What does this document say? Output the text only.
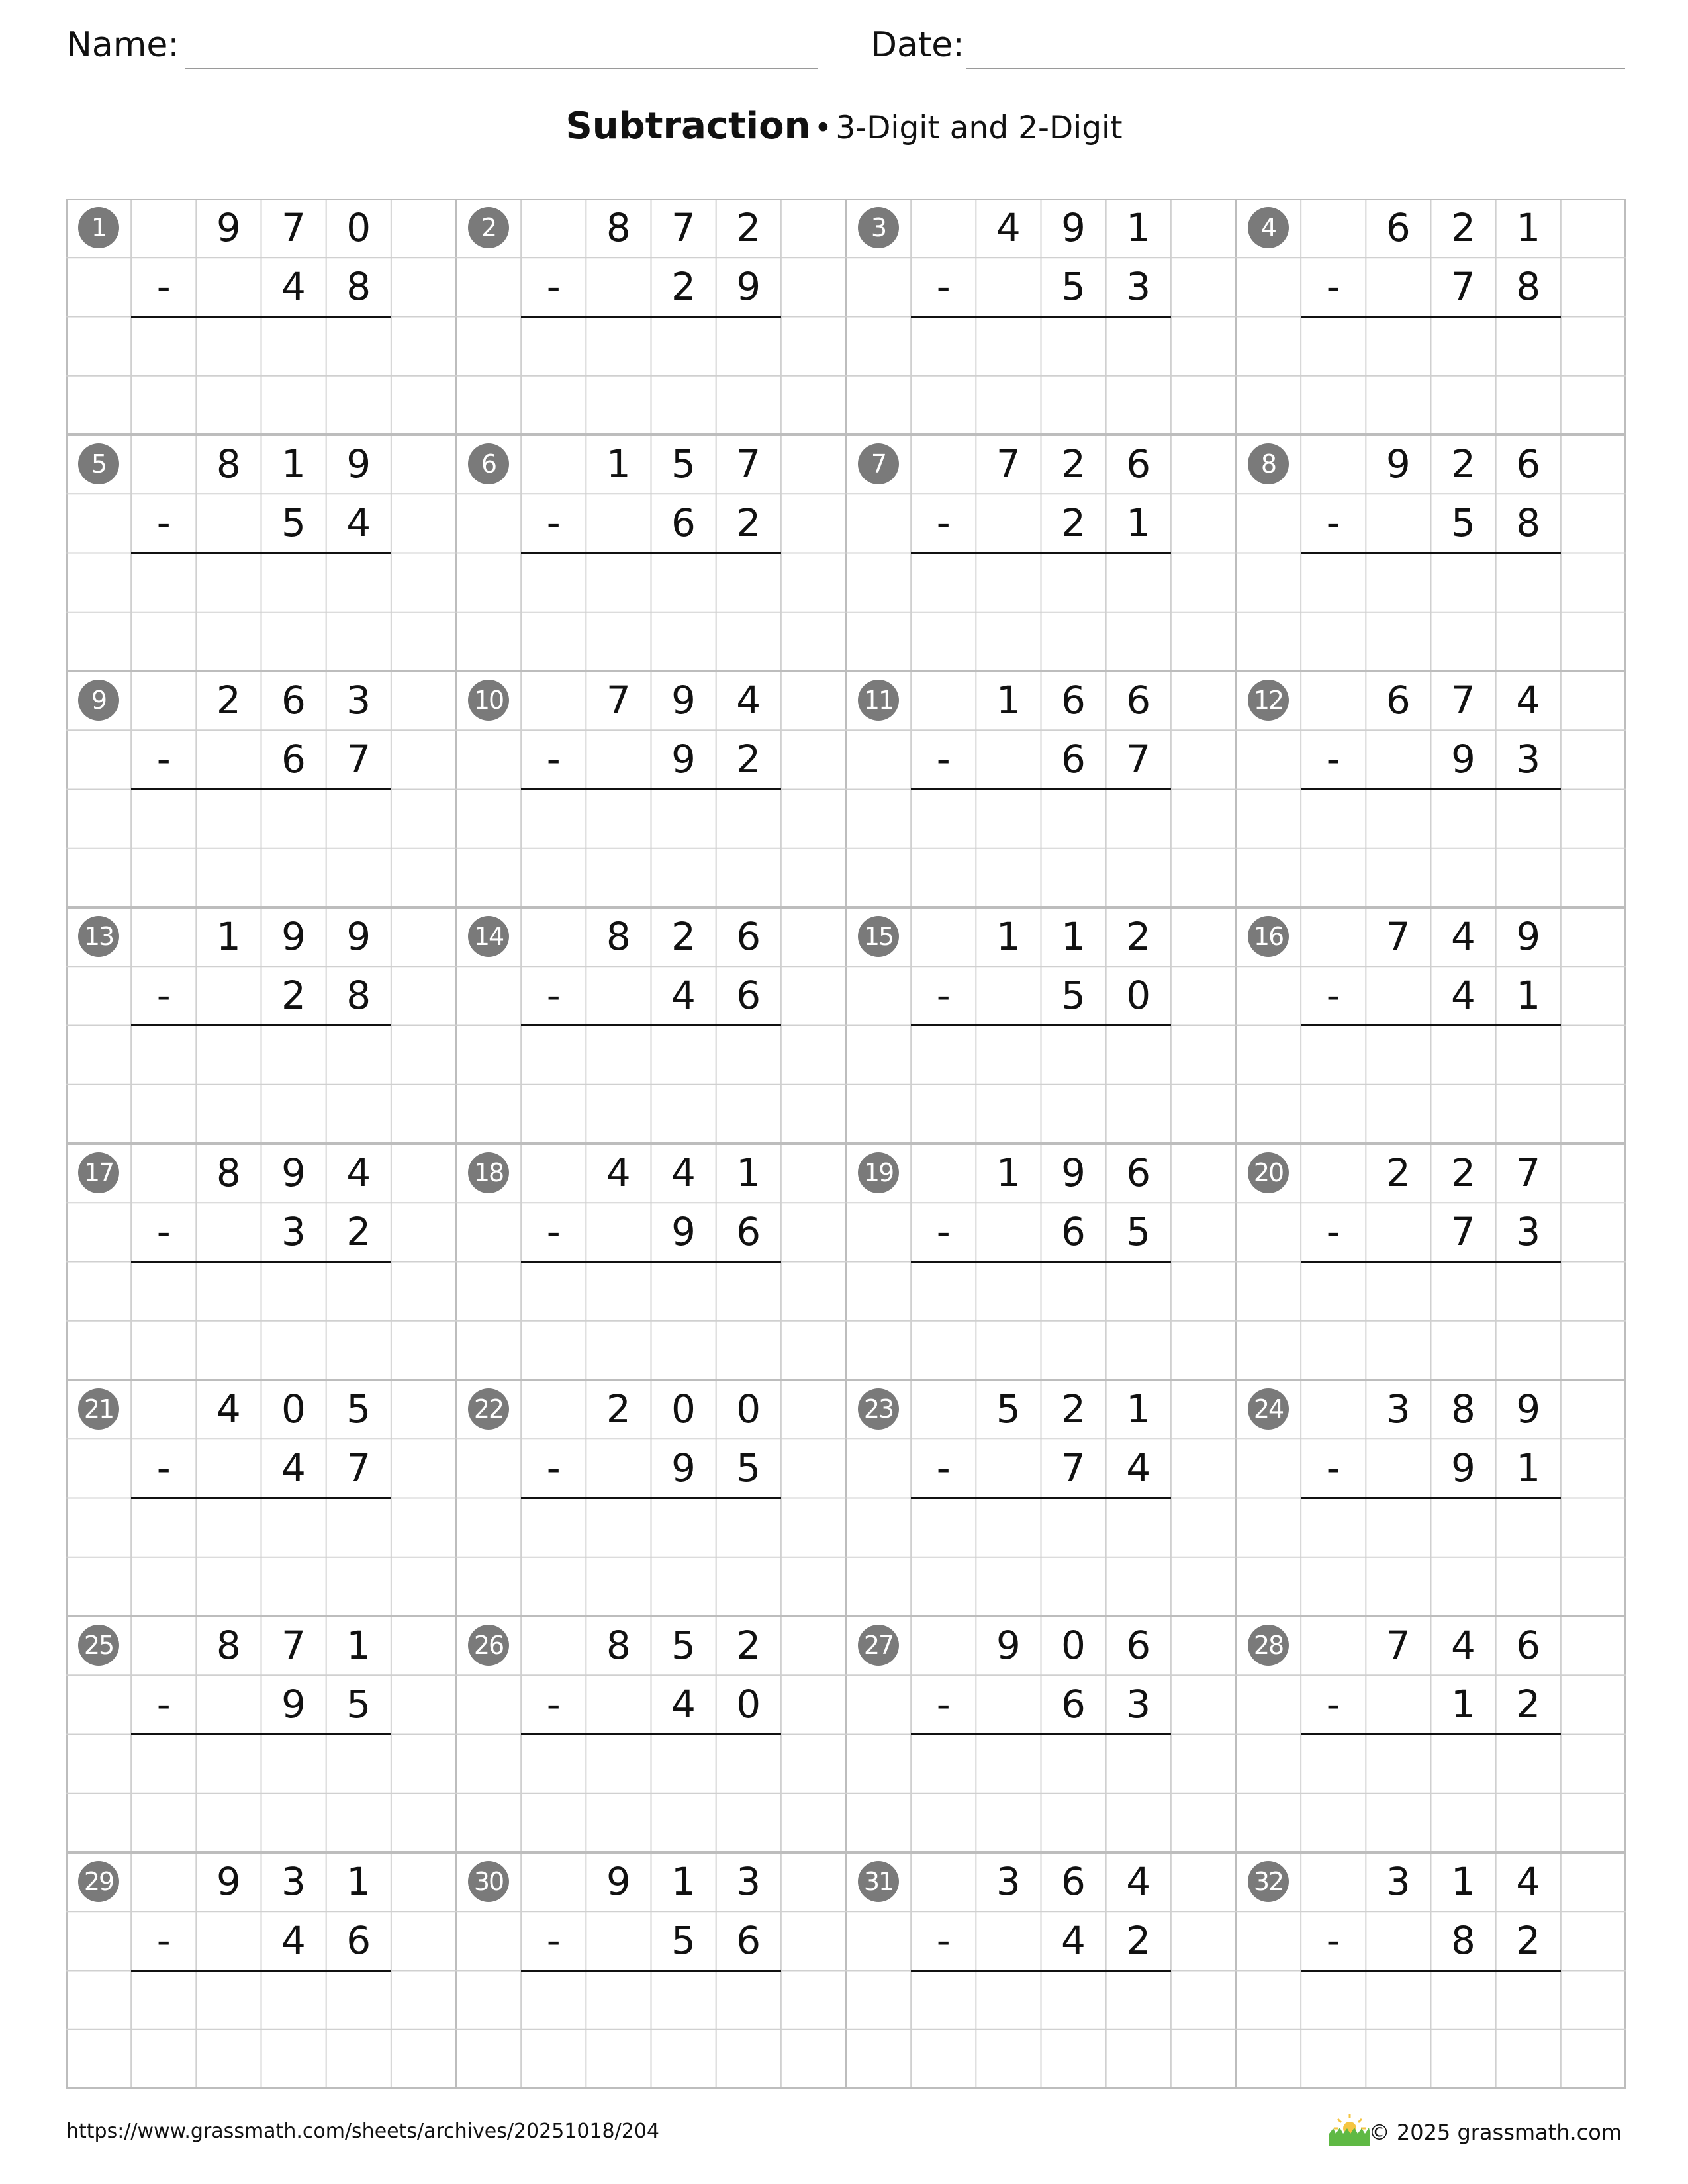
Name:	Date:
Subtraction • 3-Digit and 2-Digit
1	9	7	0
-	4	8
2	8	7	2
-	2	9
3	4	9	1
-	5	3
4	6	2	1
-	7	8
5	8	1	9
-	5	4
6	1	5	7
-	6	2
7	7	2	6
-	2	1
8	9	2	6
-	5	8
9	2	6	3
-	6	7
10	7	9	4
-	9	2
11	1	6	6
-	6	7
12	6	7	4
-	9	3
13	1	9	9
-	2	8
14	8	2	6
-	4	6
15	1	1	2
-	5	0
16	7	4	9
-	4	1
17	8	9	4
-	3	2
18	4	4	1
-	9	6
19	1	9	6
-	6	5
20	2	2	7
-	7	3
21	4	0	5
-	4	7
22	2	0	0
-	9	5
23	5	2	1
-	7	4
24	3	8	9
-	9	1
25	8	7	1
-	9	5
26	8	5	2
-	4	0
27	9	0	6
-	6	3
28	7	4	6
-	1	2
29	9	3	1
-	4	6
30	9	1	3
-	5	6
31	3	6	4
-	4	2
32	3	1	4
-	8	2
https://www.grassmath.com/sheets/archives/20251018/204	© 2025 grassmath.com
